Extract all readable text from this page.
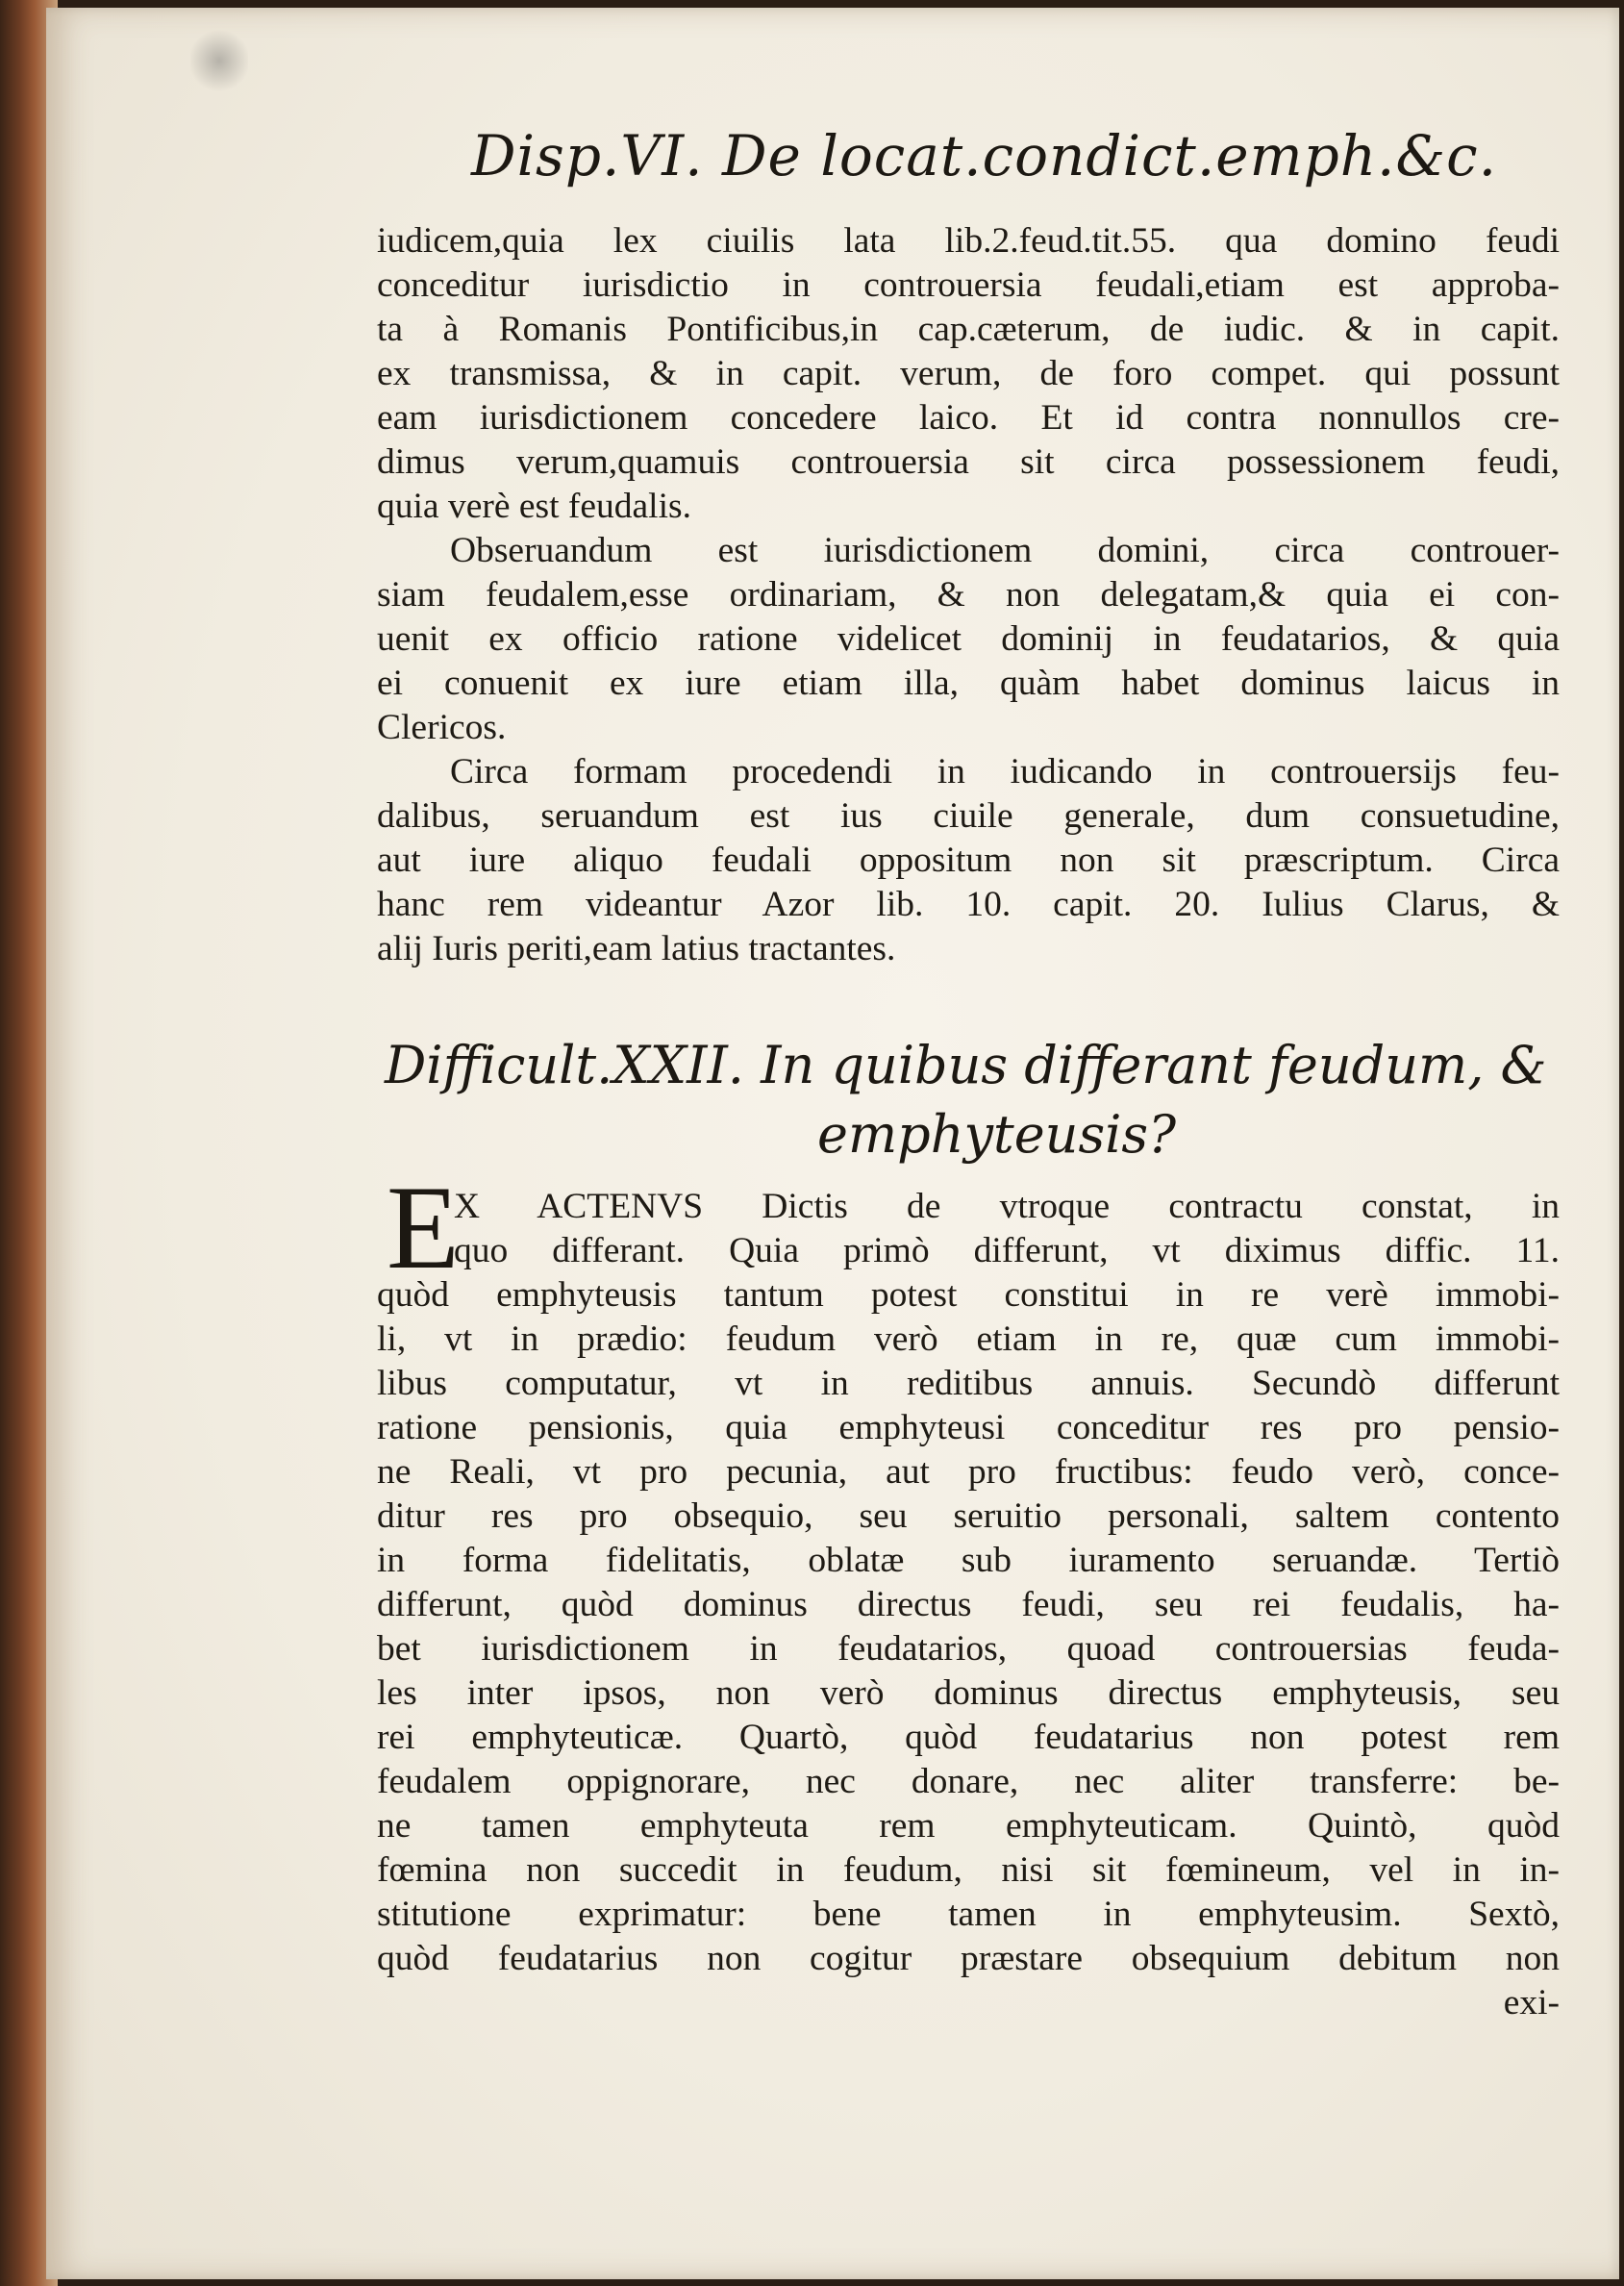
Disp.VI. De locat.condict.emph.&c.
iudicem,quia lex ciuilis lata lib.2.feud.tit.55. qua domino feudi
conceditur iurisdictio in controuersia feudali,etiam est approba-
ta à Romanis Pontificibus,in cap.cæterum, de iudic. & in capit.
ex transmissa, & in capit. verum, de foro compet. qui possunt
eam iurisdictionem concedere laico. Et id contra nonnullos cre-
dimus verum,quamuis controuersia sit circa possessionem feudi,
quia verè est feudalis.
Obseruandum est iurisdictionem domini, circa controuer-
siam feudalem,esse ordinariam, & non delegatam,& quia ei con-
uenit ex officio ratione videlicet dominij in feudatarios, & quia
ei conuenit ex iure etiam illa, quàm habet dominus laicus in
Clericos.
Circa formam procedendi in iudicando in controuersijs feu-
dalibus, seruandum est ius ciuile generale, dum consuetudine,
aut iure aliquo feudali oppositum non sit præscriptum. Circa
hanc rem videantur Azor lib. 10. capit. 20. Iulius Clarus, &
alij Iuris periti,eam latius tractantes.
Difficult.XXII. In quibus differant feudum, &
emphyteusis?
E
X ACTENVS Dictis de vtroque contractu constat, in
quo differant. Quia primò differunt, vt diximus diffic. 11.
quòd emphyteusis tantum potest constitui in re verè immobi-
li, vt in prædio: feudum verò etiam in re, quæ cum immobi-
libus computatur, vt in reditibus annuis. Secundò differunt
ratione pensionis, quia emphyteusi conceditur res pro pensio-
ne Reali, vt pro pecunia, aut pro fructibus: feudo verò, conce-
ditur res pro obsequio, seu seruitio personali, saltem contento
in forma fidelitatis, oblatæ sub iuramento seruandæ. Tertiò
differunt, quòd dominus directus feudi, seu rei feudalis, ha-
bet iurisdictionem in feudatarios, quoad controuersias feuda-
les inter ipsos, non verò dominus directus emphyteusis, seu
rei emphyteuticæ. Quartò, quòd feudatarius non potest rem
feudalem oppignorare, nec donare, nec aliter transferre: be-
ne tamen emphyteuta rem emphyteuticam. Quintò, quòd
fœmina non succedit in feudum, nisi sit fœmineum, vel in in-
stitutione exprimatur: bene tamen in emphyteusim. Sextò,
quòd feudatarius non cogitur præstare obsequium debitum non
exi-
